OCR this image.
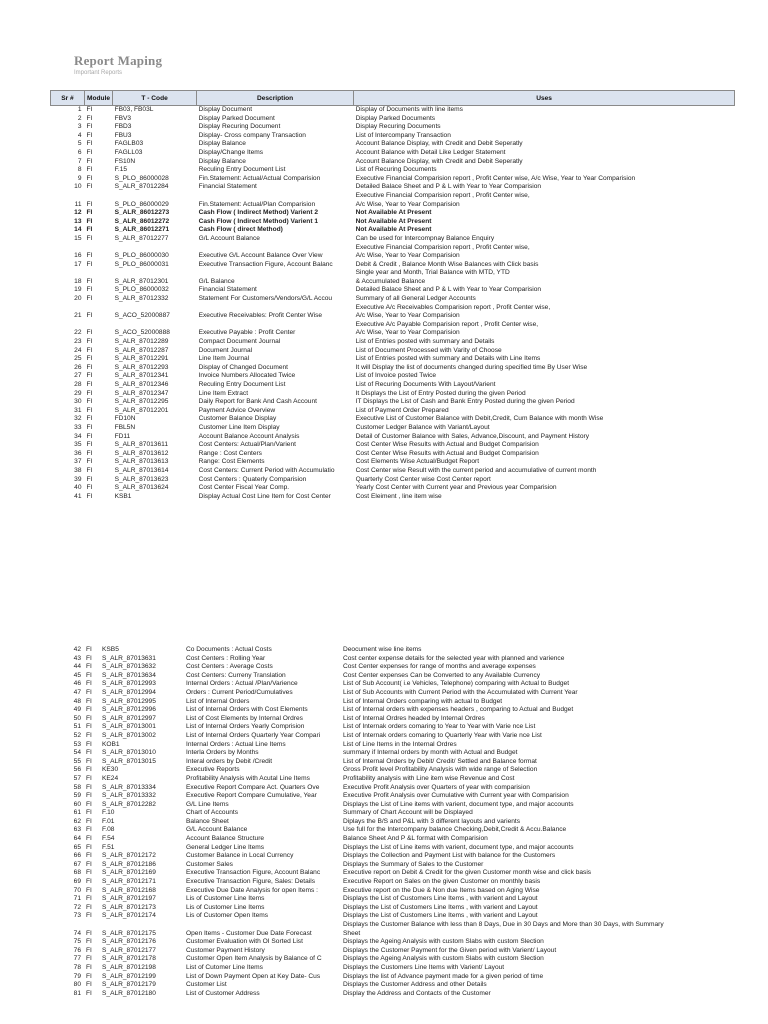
Report Maping
Important Reports
Sr #	Module	T - Code	Description	Uses
1	FI	FB03, FB03L	Display Document	Display of Documents with line items
2	FI	FBV3	Display Parked Document	Display Parked Documents
3	FI	FBD3	Display Recuring Document	Display Recuring Documents
4	FI	FBU3	Display- Cross company Transaction	List of Intercompany Transaction
5	FI	FAGLB03	Display Balance	Account Balance Display, with Credit and Debit Seperatly
6	FI	FAGLL03	Display/Change Items	Account Balance with Detail Like Ledger Statement
7	FI	FS10N	Display Balance	Account Balance Display, with Credit and Debit Seperatly
8	FI	F.15	Reculing Entry Document List	List of Recuring Documents
9	FI	S_PLO_86000028	Fin.Statement: Actual/Actual Comparision	Executive Financial Comparision report , Profit Center wise, A/c Wise, Year to Year Comparision
10	FI	S_ALR_87012284	Financial Statement	Detailed Balace Sheet and P & L with Year to Year Comparision
11	FI	S_PLO_86000029	Fin.Statement: Actual/Plan Comparision	Executive Financial Comparision report , Profit Center wise,
A/c Wise, Year to Year Comparision
12	FI	S_ALR_86012273	Cash Flow ( Indirect Method) Varient 2	Not Available At Present
13	FI	S_ALR_86012272	Cash Flow ( Indirect Method) Varient 1	Not Available At Present
14	FI	S_ALR_86012271	Cash Flow ( direct Method)	Not Available At Present
15	FI	S_ALR_87012277	G/L Account Balance	Can be used for Intercompnay Balance Enquiry
16	FI	S_PLO_86000030	Executive G/L Account Balance Over View	Executive Financial Comparision report , Profit Center wise,
A/c Wise, Year to Year Comparision
17	FI	S_PLO_86000031	Executive Transaction Figure, Account Balanc	Debit & Credit , Balance Month Wise Balances with Click basis
18	FI	S_ALR_87012301	G/L Balance	Single year and Month, Trial Balance with MTD, YTD
& Accumulated Balance
19	FI	S_PLO_86000032	Financial Statement	Detailed Balace Sheet and P & L with Year to Year Comparision
20	FI	S_ALR_87012332	Statement For Customers/Vendors/G/L Accou	Summary of all General Ledger Accounts
21	FI	S_ACO_52000887	Executive Receivables: Profit Center Wise	Executive A/c Receivables Comparision report , Profit Center wise,
A/c Wise, Year to Year Comparision
22	FI	S_ACO_52000888	Executive Payable : Profit Center	Executive A/c Payable Comparision report , Profit Center wise,
A/c Wise, Year to Year Comparision
23	FI	S_ALR_87012289	Compact Document Journal	List of Entries posted with summary and Details
24	FI	S_ALR_87012287	Document Journal	List of Document Processed with Varity of Choose
25	FI	S_ALR_87012291	Line Item Journal	List of Entries posted with summary and Details with Line Items
26	FI	S_ALR_87012293	Display of Changed Document	It will Display the list of documents changed during specified time By User Wise
27	FI	S_ALR_87012341	Invoice Numbers Allocated Twice	List of Invoice posted Twice
28	FI	S_ALR_87012346	Reculing Entry Document List	List of Recuring Documents With Layout/Varient
29	FI	S_ALR_87012347	Line Item Extract	It Displays the List of Entry Posted during the given Period
30	FI	S_ALR_87012295	Daily Report for Bank And Cash Account	IT Displays the List of Cash and Bank Entry Posted during the given Period
31	FI	S_ALR_87012201	Payment Advice Overview	List of Payment Order Prepared
32	FI	FD10N	Customer Balance Display	Executive List of Customer Balance with Debit,Credit, Cum Balance with month Wise
33	FI	FBL5N	Customer Line Item Display	Customer Ledger Balance with Variant/Layout
34	FI	FD11	Account Balance Account Analysis	Detail of Customer Balance with Sales, Advance,Discount, and Payment History
35	FI	S_ALR_87013611	Cost Centers: Actual/Plan/Varient	Cost Center Wise Results with Actual and Budget Comparision
36	FI	S_ALR_87013612	Range : Cost Centers	Cost Center Wise Results with Actual and Budget Comparision
37	FI	S_ALR_87013613	Range: Cost Elements	Cost Elements Wise Actual/Budget Report
38	FI	S_ALR_87013614	Cost Centers: Current Period with Accumulatio	Cost Center wise Result with the current period and accumulative of current month
39	FI	S_ALR_87013623	Cost Centers : Quaterly Comparision	Quarterly Cost Center wise Cost Center report
40	FI	S_ALR_87013624	Cost Center Fiscal Year Comp.	Yearly Cost Center with Current year and Previous year Comparision
41	FI	KSB1	Display Actual Cost Line Item for Cost Center	Cost Eleiment , line item wise
42	FI	KSB5	Co Documents : Actual Costs	Deocument wise line items
43	FI	S_ALR_87013631	Cost Centers : Rolling Year	Cost center expense details for the selected year with planned and varience
44	FI	S_ALR_87013632	Cost Centers : Average Costs	Cost Center expenses for range of months and average expenses
45	FI	S_ALR_87013634	Cost Centers: Curreny Translation	Cost Center expenses Can be Converted to any Available Currency
46	FI	S_ALR_87012993	Internal Orders : Actual /Plan/Varience	List of Sub Account( i.e Vehicles, Telephone) comparing with Actual to Budget
47	FI	S_ALR_87012994	Orders : Current Period/Cumulatives	List of Sub Accounts with Current Period with the Accumulated with Current Year
48	FI	S_ALR_87012995	List of Internal Orders	List of Internal Orders comparing with actual to Budget
49	FI	S_ALR_87012996	List of Internal Orders with Cost Elements	List of Internal orders with expenses headers , comparing to Actual and Budget
50	FI	S_ALR_87012997	List of Cost Elements by Internal Ordres	List of Internal Ordres headed by Internal Ordres
51	FI	S_ALR_87013001	List of Internal Orders Yearly Comprision	List of Internak orders comaring to Year to Year with Varie nce List
52	FI	S_ALR_87013002	List of Internal Orders Quarterly Year Compari	List of Internak orders comaring to Quarterly Year with Varie nce List
53	FI	KOB1	Internal Orders : Actual Line Items	List of Line Items in the Internal Ordres
54	FI	S_ALR_87013010	Interla Orders by Months	summary if Internal orders by month with Actual and Budget
55	FI	S_ALR_87013015	Interal orders by Debit /Credit	List of Internal Orders by Debit/ Credit/ Settled and Balance format
56	FI	KE30	Executive Reports	Gross Profit level Profitability Analysis with wide range of Selection
57	FI	KE24	Profitability Analysis with Acutal Line Items	Profitability analysis with Line item wise Revenue and Cost
58	FI	S_ALR_87013334	Executive Report Compare Act. Quarters Ove	Executive Profit Analysis over Quarters of year with comparision
59	FI	S_ALR_87013332	Executive Report Compare Cumulative, Year	Executive Profit Analysis over Cumulative with Current year with Comparision
60	FI	S_ALR_87012282	G/L Line Items	Displays the List of Line items with varient, document type, and major accounts
61	FI	F.10	Chart of Accounts	Summary of Chart Account will be Displayed
62	FI	F.01	Balance Sheet	Diplays the B/S and P&L with 3 different layouts and varients
63	FI	F.08	G/L Account Balance	Use full for the Intercompany balance Checking,Debit,Credit & Accu.Balance
64	FI	F.54	Account Balance Structure	Balance Sheet And P &L format with Comparision
65	FI	F.51	General Ledger Line Items	Displays the List of Line items with varient, document type, and major accounts
66	FI	S_ALR_87012172	Customer Balance in Local Currency	Displays the Collection and Payment List with balance for the Customers
67	FI	S_ALR_87012186	Customer Sales	Displays the Summary of Sales to the Customer
68	FI	S_ALR_87012169	Executive Transaction Figure, Account Balanc	Executive report on Debit & Credit for the given Customer month wise and click basis
69	FI	S_ALR_87012171	Executive Transaction Figure, Sales: Details	Executive Report on Sales on the given Customer on monthly basis
70	FI	S_ALR_87012168	Executive Due Date Analysis for open Items :	Executive report on the Due & Non due Items based on Aging Wise
71	FI	S_ALR_87012197	Lis of Customer Line Items	Displays the List of Customers Line Items , with varient and Layout
72	FI	S_ALR_87012173	Lis of Customer Line Items	Displays the List of Customers Line Items , with varient and Layout
73	FI	S_ALR_87012174	Lis of Customer Open Items	Displays the List of Customers Line Items , with varient and Layout
74	FI	S_ALR_87012175	Open Items - Customer Due Date Forecast	Displays the Customer Balance with less than 8 Days, Due in 30 Days and More than 30 Days, with Summary
Sheet
75	FI	S_ALR_87012176	Customer Evaluation with OI Sorted List	Displays the Ageing Analysis with custom Slabs with custom Slection
76	FI	S_ALR_87012177	Customer Payment History	Displays the Customer Payment for the Given period with Varient/ Layout
77	FI	S_ALR_87012178	Customer Open Item Analysis by Balance of C	Displays the Ageing Analysis with custom Slabs with custom Slection
78	FI	S_ALR_87012198	List of Cutomer Line Items	Displays the Customers Line Items with Varient/ Layout
79	FI	S_ALR_87012199	List of Down Payment Open at Key Date- Cus	Displays the list of Advance payment made for a given period of time
80	FI	S_ALR_87012179	Customer List	Displays the Customer Address and other Details
81	FI	S_ALR_87012180	List of Customer Address	Display the Address and Contacts of the Customer
